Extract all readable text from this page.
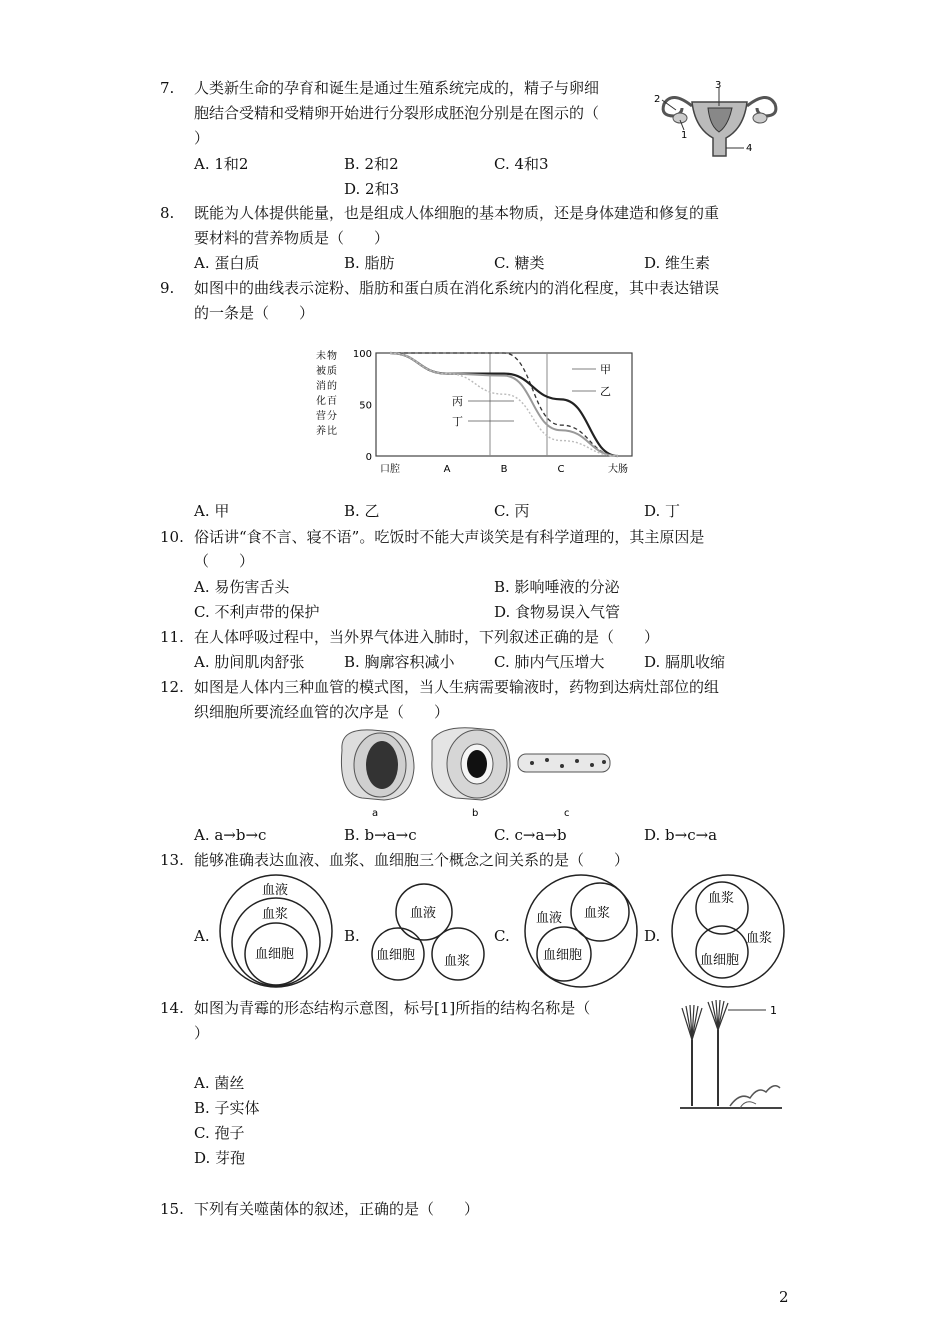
7. 人类新生命的孕育和诞生是通过生殖系统完成的，精子与卵细
胞结合受精和受精卵开始进行分裂形成胚泡分别是在图示的（
）
A. 1和2	B. 2和2	C. 4和3
D. 2和3
1
2
3
4
8. 既能为人体提供能量，也是组成人体细胞的基本物质，还是身体建造和修复的重
要材料的营养物质是（　　）
A. 蛋白质	B. 脂肪	C. 糖类	D. 维生素
9. 如图中的曲线表示淀粉、脂肪和蛋白质在消化系统内的消化程度，其中表达错误
的一条是（　　）
未
被
消
化
营
养
物
质
的
百
分
比
100
50
0
口腔	A	B	C	大肠
甲
乙
丙
丁
A. 甲	B. 乙	C. 丙	D. 丁
10. 俗话讲“食不言、寝不语”。吃饭时不能大声谈笑是有科学道理的，其主原因是
（　　）
A. 易伤害舌头	B. 影响唾液的分泌
C. 不利声带的保护	D. 食物易误入气管
11. 在人体呼吸过程中，当外界气体进入肺时，下列叙述正确的是（　　）
A. 肋间肌肉舒张	B. 胸廓容积减小	C. 肺内气压增大	D. 膈肌收缩
12. 如图是人体内三种血管的模式图，当人生病需要输液时，药物到达病灶部位的组
织细胞所要流经血管的次序是（　　）
a	b	c
A. a→b→c	B. b→a→c	C. c→a→b	D. b→c→a
13. 能够准确表达血液、血浆、血细胞三个概念之间关系的是（　　）
A.	B.	C.	D.
血液
血浆
血细胞
血液
血细胞 血浆
血液 血浆
血细胞
血浆
血浆
血细胞
14. 如图为青霉的形态结构示意图，标号[1]所指的结构名称是（
）
A. 菌丝
B. 子实体
C. 孢子
D. 芽孢
1
15. 下列有关噬菌体的叙述，正确的是（　　）
2
